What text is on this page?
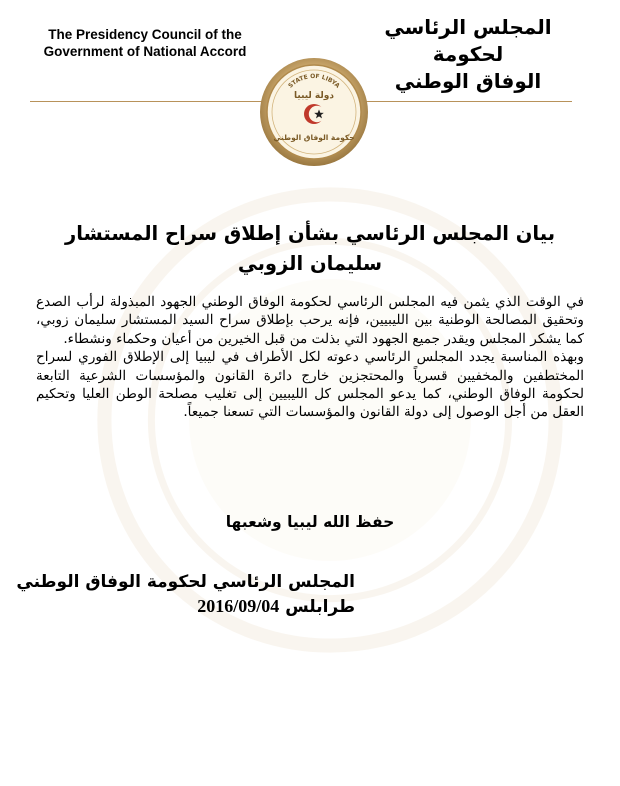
The Presidency Council of the
Government of National Accord
المجلس الرئاسي لحكومة
الوفاق الوطني
STATE OF LIBYA
دولة ليبيا
حكومة الوفاق الوطني
بيان المجلس الرئاسي بشأن إطلاق سراح المستشار سليمان الزوبي

في الوقت الذي يثمن فيه المجلس الرئاسي لحكومة الوفاق الوطني الجهود المبذولة لرأب الصدع وتحقيق المصالحة الوطنية بين الليبيين، فإنه يرحب بإطلاق سراح السيد المستشار سليمان زوبي، كما يشكر المجلس ويقدر جميع الجهود التي بذلت من قبل الخيرين من أعيان وحكماء ونشطاء.

وبهذه المناسبة يجدد المجلس الرئاسي دعوته لكل الأطراف في ليبيا إلى الإطلاق الفوري لسراح المختطفين والمخفيين قسرياً والمحتجزين خارج دائرة القانون والمؤسسات الشرعية التابعة لحكومة الوفاق الوطني، كما يدعو المجلس كل الليبيين إلى تغليب مصلحة الوطن العليا وتحكيم العقل من أجل الوصول إلى دولة القانون والمؤسسات التي تسعنا جميعاً.

حفظ الله ليبيا وشعبها
المجلس الرئاسي لحكومة الوفاق الوطني
طرابلس 2016/09/04
